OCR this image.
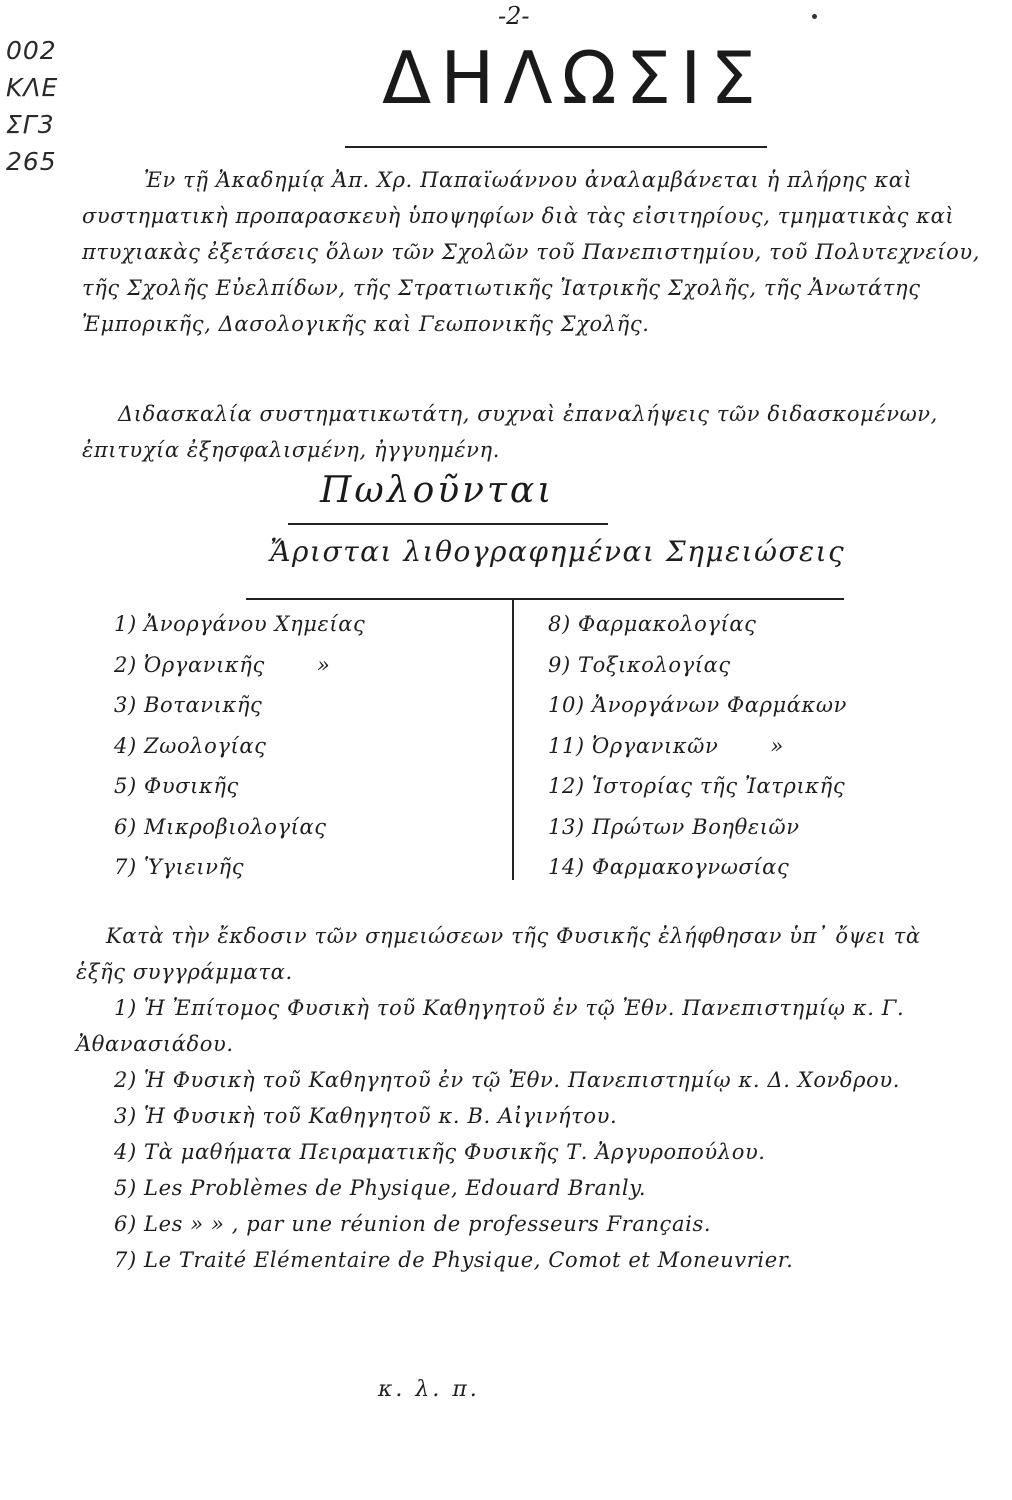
-2-
002
ΚΛΕ
ΣΓ3
265
ΔΗΛΩΣΙΣ

Ἐν τῇ Ἀκαδημίᾳ Ἀπ. Χρ. Παπαϊωάννου ἀναλαμβάνεται ἡ πλήρης καὶ συστηματικὴ προπαρασκευὴ ὑποψηφίων διὰ τὰς εἰσιτηρίους, τμηματικὰς καὶ πτυχιακὰς ἐξετάσεις ὅλων τῶν Σχολῶν τοῦ Πανεπιστημίου, τοῦ Πολυτεχνείου, τῆς Σχολῆς Εὐελπίδων, τῆς Στρατιωτικῆς Ἰατρικῆς Σχολῆς, τῆς Ἀνωτάτης Ἐμπορικῆς, Δασολογικῆς καὶ Γεωπονικῆς Σχολῆς.

Διδασκαλία συστηματικωτάτη, συχναὶ ἐπαναλήψεις τῶν διδασκομένων, ἐπιτυχία ἐξησφαλισμένη, ἠγγυημένη.

Πωλοῦνται
Ἄρισται λιθογραφημέναι Σημειώσεις
1) Ἀνοργάνου Χημείας
2) Ὀργανικῆς »
3) Βοτανικῆς
4) Ζωολογίας
5) Φυσικῆς
6) Μικροβιολογίας
7) Ὑγιεινῆς
8) Φαρμακολογίας
9) Τοξικολογίας
10) Ἀνοργάνων Φαρμάκων
11) Ὀργανικῶν »
12) Ἱστορίας τῆς Ἰατρικῆς
13) Πρώτων Βοηθειῶν
14) Φαρμακογνωσίας

Κατὰ τὴν ἔκδοσιν τῶν σημειώσεων τῆς Φυσικῆς ἐλήφθησαν ὑπ᾽ ὄψει τὰ ἑξῆς συγγράμματα.

1) Ἡ Ἐπίτομος Φυσικὴ τοῦ Καθηγητοῦ ἐν τῷ Ἐθν. Πανεπιστημίῳ κ. Γ. Ἀθανασιάδου.
2) Ἡ Φυσικὴ τοῦ Καθηγητοῦ ἐν τῷ Ἐθν. Πανεπιστημίῳ κ. Δ. Χονδρου.
3) Ἡ Φυσικὴ τοῦ Καθηγητοῦ κ. Β. Αἰγινήτου.
4) Τὰ μαθήματα Πειραματικῆς Φυσικῆς Τ. Ἀργυροπούλου.
5) Les Problèmes de Physique, Edouard Branly.
6) Les » » , par une réunion de professeurs Français.
7) Le Traité Elémentaire de Physique, Comot et Moneuvrier.
κ. λ. π.
